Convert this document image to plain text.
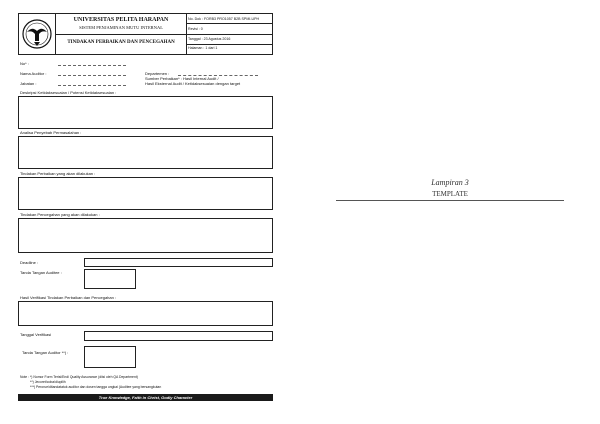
UNIVERSITAS PELITA HARAPAN
SISTEM PENJAMINAN MUTU INTERNAL
TINDAKAN PERBAIKAN DAN PENCEGAHAN
No. Dok : FORB3 PRO1057 B2B SPMI-UPH
Revisi : 0
Tanggal : 23 Agustus 2016
Halaman : 1 dari 1
No* :
Nama Auditor :	Departemen :
Sumber Perbaikan* : Hasil Internal Audit /
Jabatan :	Hasil Eksternal Audit / Ketidaksesuaian dengan target
Deskripsi Ketidaksesuaian / Potensi Ketidaksesuaian :
Analisa Penyebab Permasalahan :
Tindakan Perbaikan yang akan dilakukan :
Tindakan Pencegahan yang akan dilakukan :
Deadline :
Tanda Tangan Auditee :
Hasil Verifikasi Tindakan Perbaikan dan Pencegahan :
Tanggal Verifikasi
Tanda Tangan Auditor **) :
Note : *) Nomor Form Terisi/Endi Quality Assurance (diisi oleh QA Department)
**) Jecoret/coba/diupilih
***) Perorue/ditandatatuk auditor dan dosen tangga ungkai (Auditee yang bersangkutan
True Knowledge, Faith in Christ, Godly Character
Lampiran 3
TEMPLATE
